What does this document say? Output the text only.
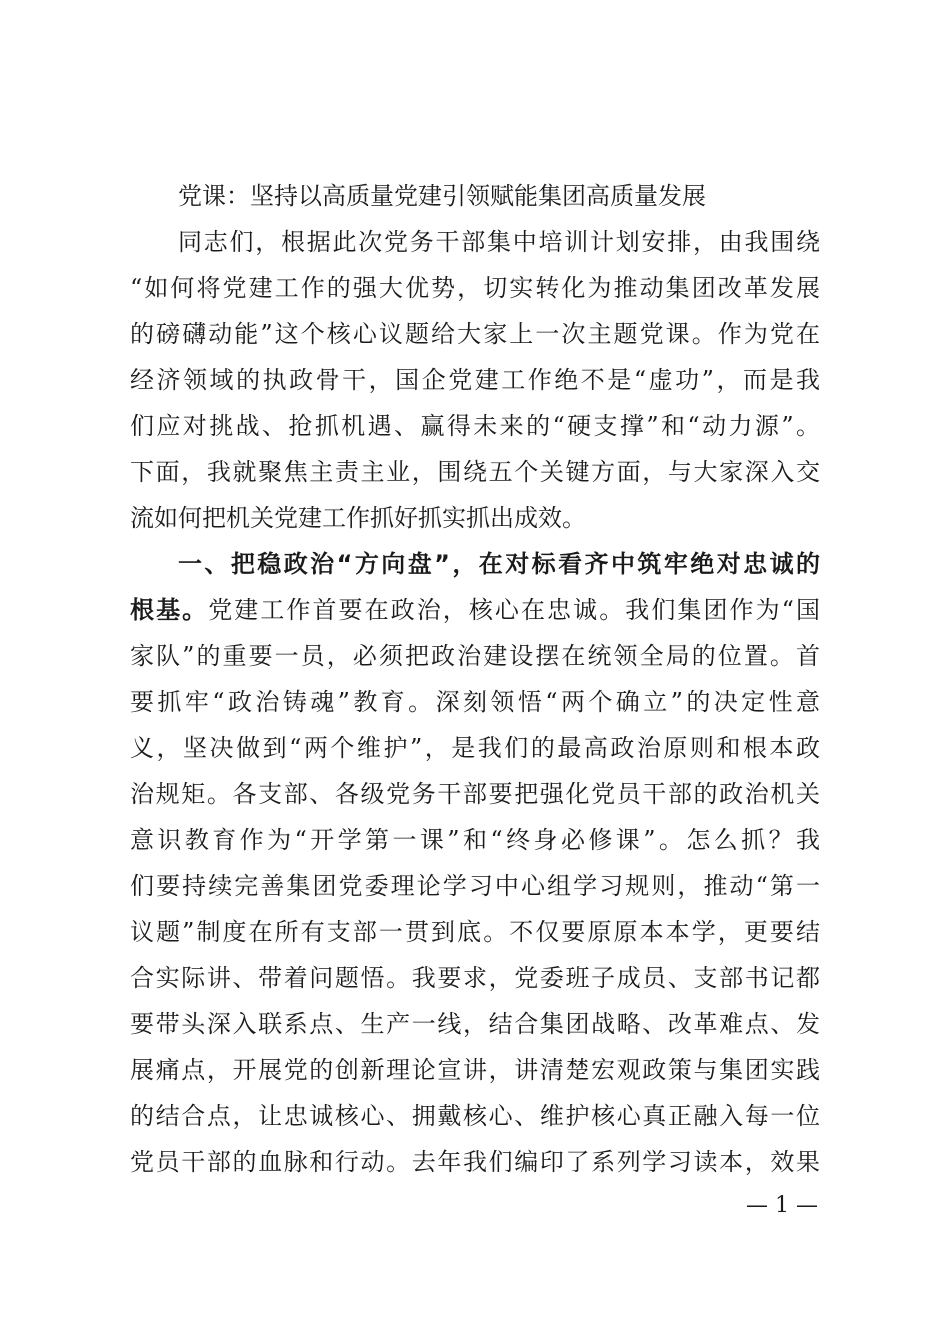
党课：坚持以高质量党建引领赋能集团高质量发展
同志们，根据此次党务干部集中培训计划安排，由我围绕
“如何将党建工作的强大优势，切实转化为推动集团改革发展
的磅礴动能”这个核心议题给大家上一次主题党课。作为党在
经济领域的执政骨干，国企党建工作绝不是“虚功”，而是我
们应对挑战、抢抓机遇、赢得未来的“硬支撑”和“动力源”。
下面，我就聚焦主责主业，围绕五个关键方面，与大家深入交
流如何把机关党建工作抓好抓实抓出成效。
一、把稳政治“方向盘”，在对标看齐中筑牢绝对忠诚的
根基。党建工作首要在政治，核心在忠诚。我们集团作为“国
家队”的重要一员，必须把政治建设摆在统领全局的位置。首
要抓牢“政治铸魂”教育。深刻领悟“两个确立”的决定性意
义，坚决做到“两个维护”，是我们的最高政治原则和根本政
治规矩。各支部、各级党务干部要把强化党员干部的政治机关
意识教育作为“开学第一课”和“终身必修课”。怎么抓？我
们要持续完善集团党委理论学习中心组学习规则，推动“第一
议题”制度在所有支部一贯到底。不仅要原原本本学，更要结
合实际讲、带着问题悟。我要求，党委班子成员、支部书记都
要带头深入联系点、生产一线，结合集团战略、改革难点、发
展痛点，开展党的创新理论宣讲，讲清楚宏观政策与集团实践
的结合点，让忠诚核心、拥戴核心、维护核心真正融入每一位
党员干部的血脉和行动。去年我们编印了系列学习读本，效果
— 1 —
